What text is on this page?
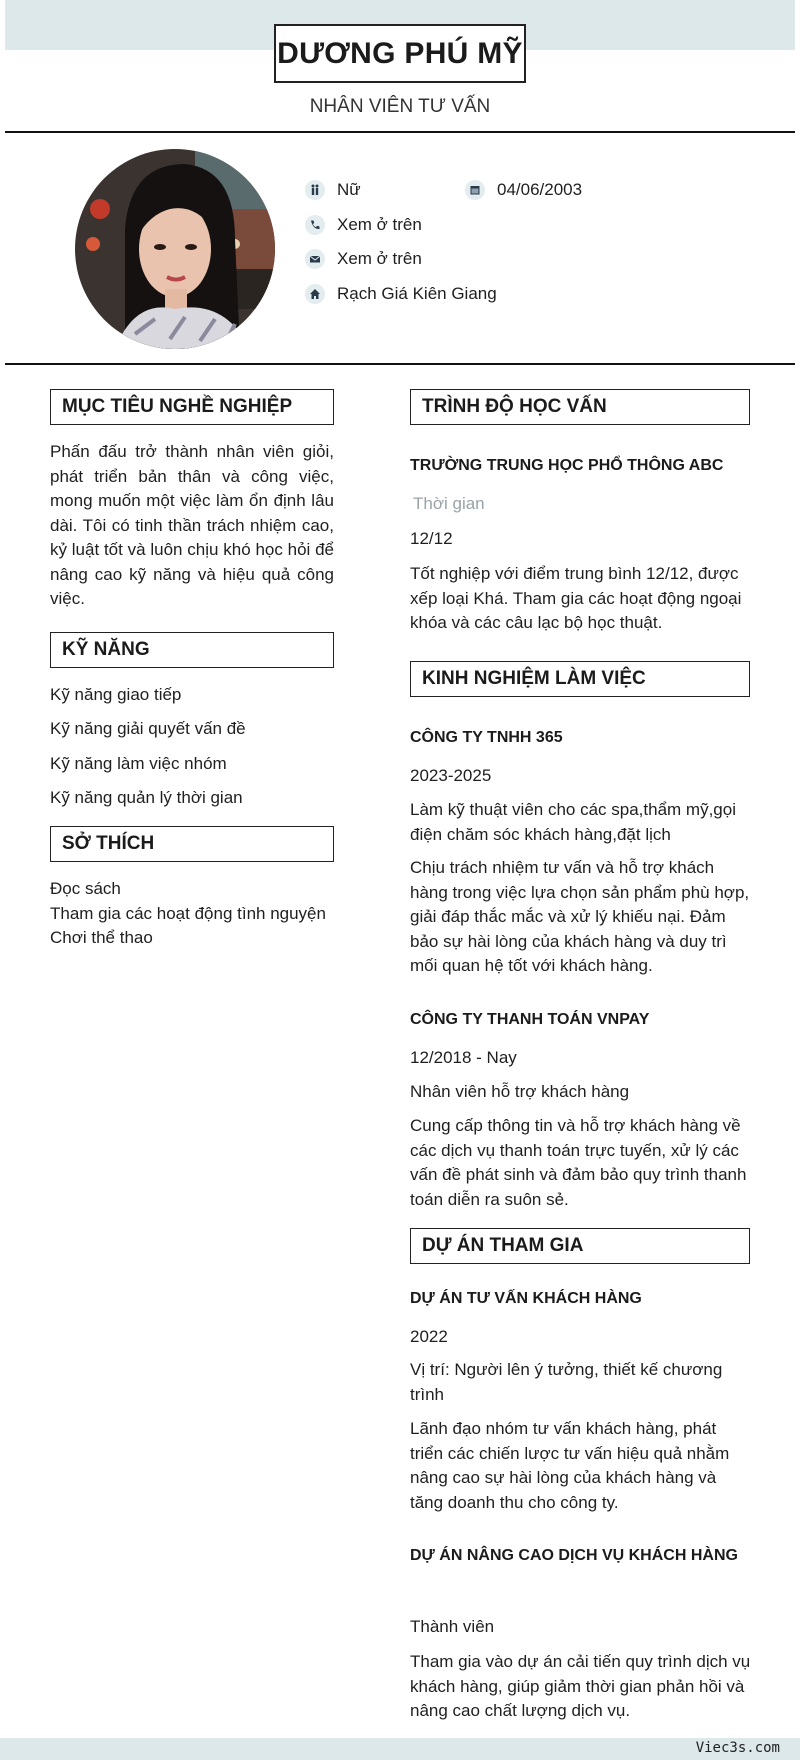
DƯƠNG PHÚ MỸ
NHÂN VIÊN TƯ VẤN
Nữ	04/06/2003
Xem ở trên
Xem ở trên
Rạch Giá Kiên Giang
MỤC TIÊU NGHỀ NGHIỆP
Phấn đấu trở thành nhân viên giỏi, phát triển bản thân và công việc, mong muốn một việc làm ổn định lâu dài. Tôi có tinh thần trách nhiệm cao, kỷ luật tốt và luôn chịu khó học hỏi để nâng cao kỹ năng và hiệu quả công việc.
KỸ NĂNG
Kỹ năng giao tiếp
Kỹ năng giải quyết vấn đề
Kỹ năng làm việc nhóm
Kỹ năng quản lý thời gian
SỞ THÍCH
Đọc sách
Tham gia các hoạt động tình nguyện
Chơi thể thao
TRÌNH ĐỘ HỌC VẤN
TRƯỜNG TRUNG HỌC PHỔ THÔNG ABC
Thời gian
12/12
Tốt nghiệp với điểm trung bình 12/12, được xếp loại Khá. Tham gia các hoạt động ngoại khóa và các câu lạc bộ học thuật.
KINH NGHIỆM LÀM VIỆC
CÔNG TY TNHH 365
2023-2025
Làm kỹ thuật viên cho các spa,thẩm mỹ,gọi điện chăm sóc khách hàng,đặt lịch
Chịu trách nhiệm tư vấn và hỗ trợ khách hàng trong việc lựa chọn sản phẩm phù hợp, giải đáp thắc mắc và xử lý khiếu nại. Đảm bảo sự hài lòng của khách hàng và duy trì mối quan hệ tốt với khách hàng.
CÔNG TY THANH TOÁN VNPAY
12/2018 - Nay
Nhân viên hỗ trợ khách hàng
Cung cấp thông tin và hỗ trợ khách hàng về các dịch vụ thanh toán trực tuyến, xử lý các vấn đề phát sinh và đảm bảo quy trình thanh toán diễn ra suôn sẻ.
DỰ ÁN THAM GIA
DỰ ÁN TƯ VẤN KHÁCH HÀNG
2022
Vị trí: Người lên ý tưởng, thiết kế chương trình
Lãnh đạo nhóm tư vấn khách hàng, phát triển các chiến lược tư vấn hiệu quả nhằm nâng cao sự hài lòng của khách hàng và tăng doanh thu cho công ty.
DỰ ÁN NÂNG CAO DỊCH VỤ KHÁCH HÀNG
Thành viên
Tham gia vào dự án cải tiến quy trình dịch vụ khách hàng, giúp giảm thời gian phản hồi và nâng cao chất lượng dịch vụ.
Viec3s.com
